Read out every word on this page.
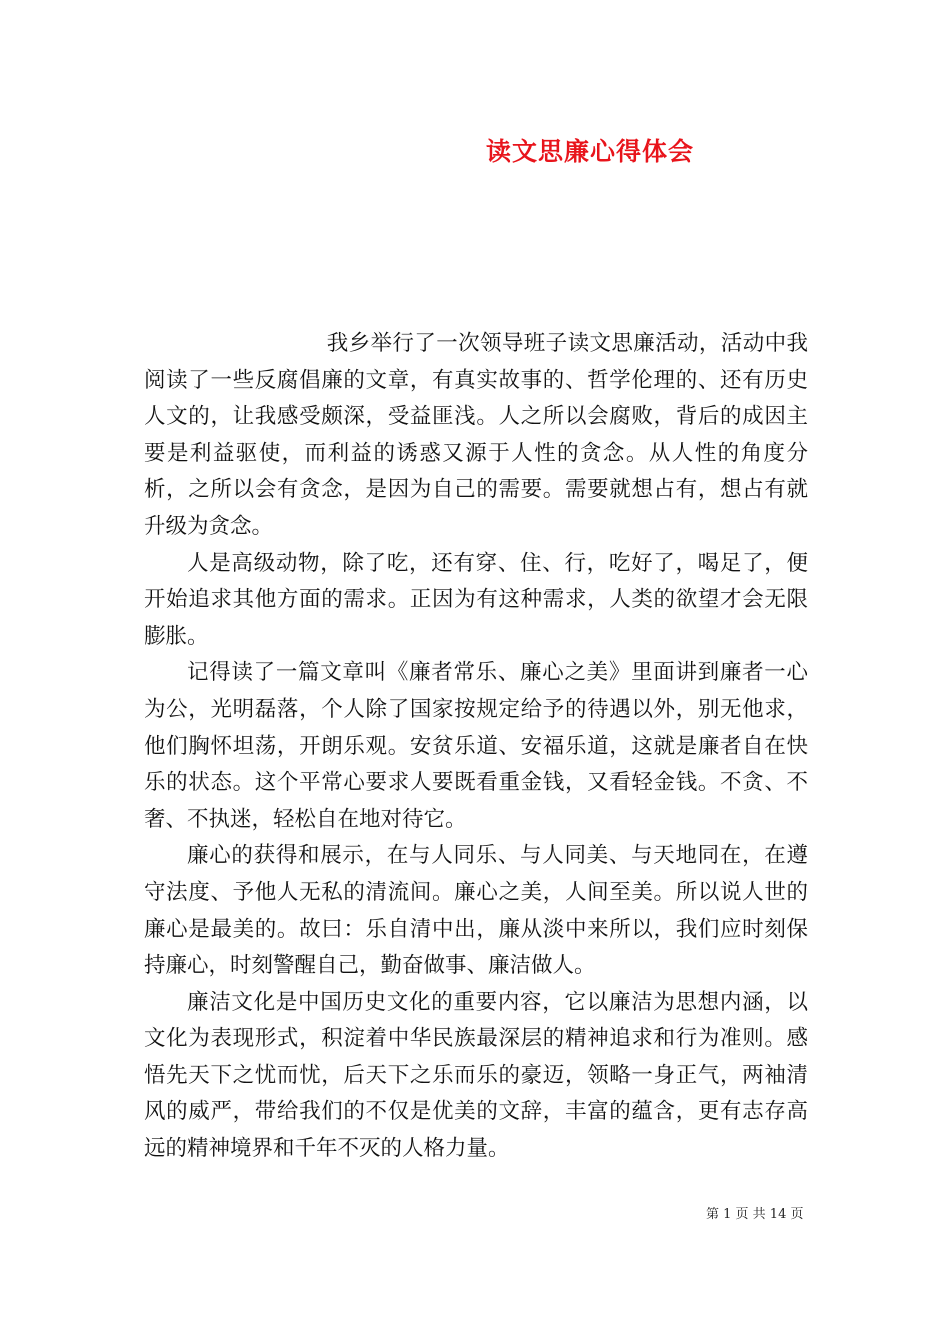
读文思廉心得体会

我乡举行了一次领导班子读文思廉活动，活动中我阅读了一些反腐倡廉的文章，有真实故事的、哲学伦理的、还有历史人文的，让我感受颇深，受益匪浅。人之所以会腐败，背后的成因主要是利益驱使，而利益的诱惑又源于人性的贪念。从人性的角度分析，之所以会有贪念，是因为自己的需要。需要就想占有，想占有就升级为贪念。

人是高级动物，除了吃，还有穿、住、行，吃好了，喝足了，便开始追求其他方面的需求。正因为有这种需求，人类的欲望才会无限膨胀。

记得读了一篇文章叫《廉者常乐、廉心之美》里面讲到廉者一心为公，光明磊落，个人除了国家按规定给予的待遇以外，别无他求，他们胸怀坦荡，开朗乐观。安贫乐道、安福乐道，这就是廉者自在快乐的状态。这个平常心要求人要既看重金钱，又看轻金钱。不贪、不奢、不执迷，轻松自在地对待它。

廉心的获得和展示，在与人同乐、与人同美、与天地同在，在遵守法度、予他人无私的清流间。廉心之美，人间至美。所以说人世的廉心是最美的。故曰：乐自清中出，廉从淡中来所以，我们应时刻保持廉心，时刻警醒自己，勤奋做事、廉洁做人。

廉洁文化是中国历史文化的重要内容，它以廉洁为思想内涵，以文化为表现形式，积淀着中华民族最深层的精神追求和行为准则。感悟先天下之忧而忧，后天下之乐而乐的豪迈，领略一身正气，两袖清风的威严，带给我们的不仅是优美的文辞，丰富的蕴含，更有志存高远的精神境界和千年不灭的人格力量。

第 1 页 共 14 页
